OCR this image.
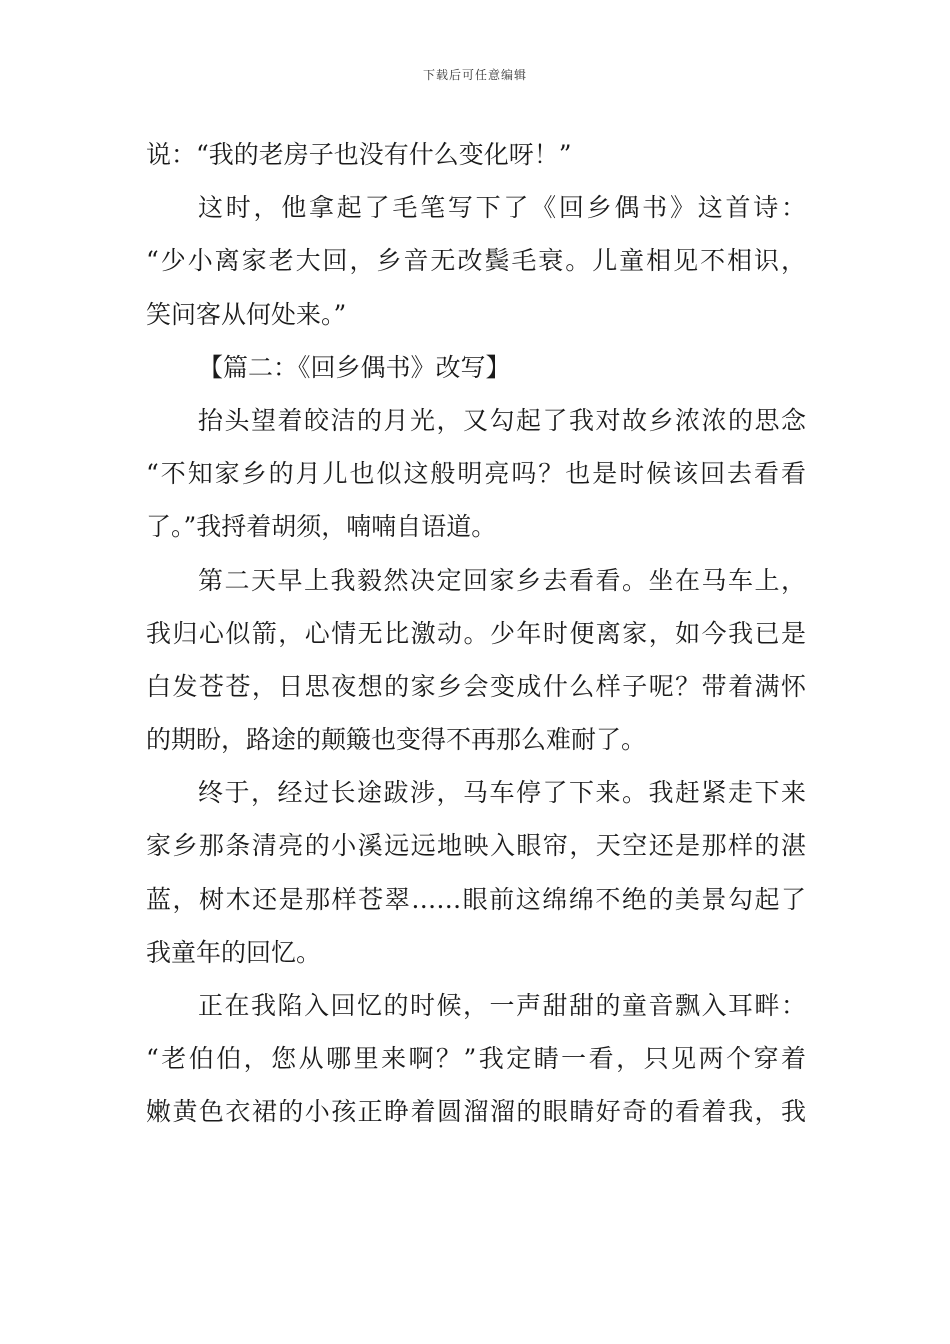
下载后可任意编辑
说：“我的老房子也没有什么变化呀！”
这时，他拿起了毛笔写下了《回乡偶书》这首诗：
“少小离家老大回，乡音无改鬓毛衰。儿童相见不相识，
笑问客从何处来。”
【篇二：《回乡偶书》改写】
抬头望着皎洁的月光，又勾起了我对故乡浓浓的思念
“不知家乡的月儿也似这般明亮吗？也是时候该回去看看
了。”我捋着胡须，喃喃自语道。
第二天早上我毅然决定回家乡去看看。坐在马车上，
我归心似箭，心情无比激动。少年时便离家，如今我已是
白发苍苍，日思夜想的家乡会变成什么样子呢？带着满怀
的期盼，路途的颠簸也变得不再那么难耐了。
终于，经过长途跋涉，马车停了下来。我赶紧走下来
家乡那条清亮的小溪远远地映入眼帘，天空还是那样的湛
蓝，树木还是那样苍翠……眼前这绵绵不绝的美景勾起了
我童年的回忆。
正在我陷入回忆的时候，一声甜甜的童音飘入耳畔：
“老伯伯，您从哪里来啊？”我定睛一看，只见两个穿着
嫩黄色衣裙的小孩正睁着圆溜溜的眼睛好奇的看着我，我
